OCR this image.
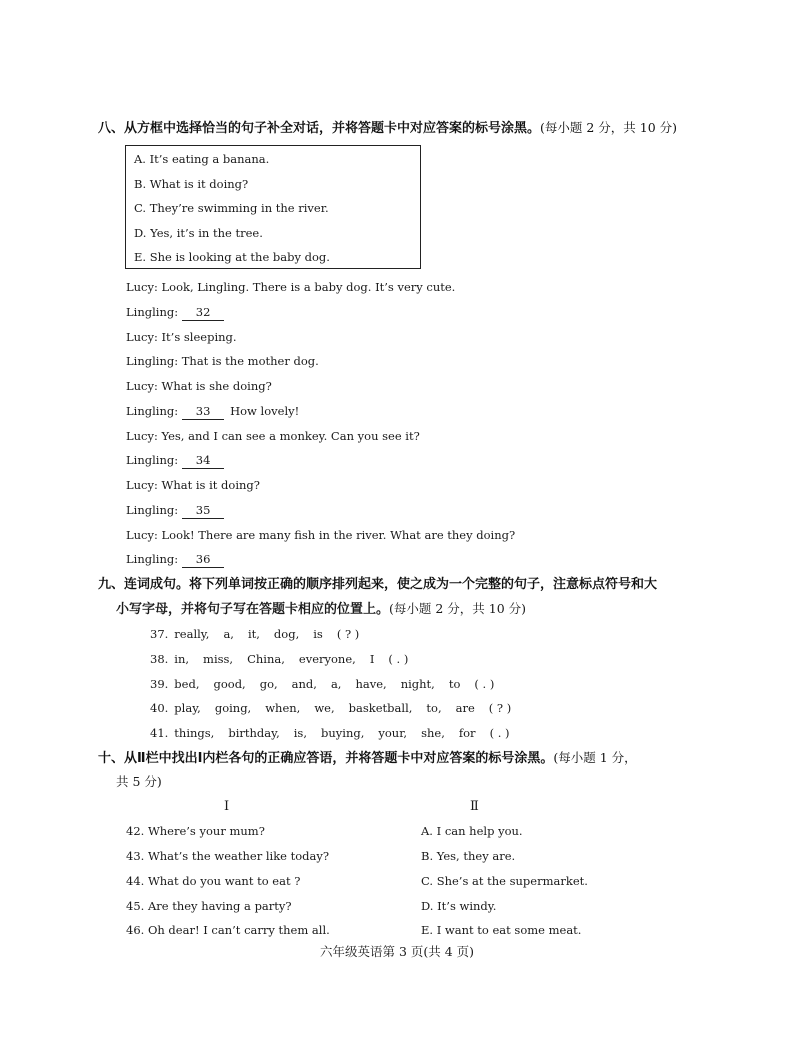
八、从方框中选择恰当的句子补全对话，并将答题卡中对应答案的标号涂黑。(每小题 2 分，共 10 分)
A. It’s eating a banana.
B. What is it doing?
C. They’re swimming in the river.
D. Yes, it’s in the tree.
E. She is looking at the baby dog.
Lucy: Look, Lingling. There is a baby dog. It’s very cute.
Lingling: 32
Lucy: It’s sleeping.
Lingling: That is the mother dog.
Lucy: What is she doing?
Lingling: 33 How lovely!
Lucy: Yes, and I can see a monkey. Can you see it?
Lingling: 34
Lucy: What is it doing?
Lingling: 35
Lucy: Look! There are many fish in the river. What are they doing?
Lingling: 36
九、连词成句。将下列单词按正确的顺序排列起来，使之成为一个完整的句子，注意标点符号和大
小写字母，并将句子写在答题卡相应的位置上。(每小题 2 分，共 10 分)
37. really, a, it, dog, is ( ? )
38. in, miss, China, everyone, I ( . )
39. bed, good, go, and, a, have, night, to ( . )
40. play, going, when, we, basketball, to, are ( ? )
41. things, birthday, is, buying, your, she, for ( . )
十、从Ⅱ栏中找出Ⅰ内栏各句的正确应答语，并将答题卡中对应答案的标号涂黑。(每小题 1 分，
共 5 分)
Ⅰ	Ⅱ
42. Where’s your mum?
43. What’s the weather like today?
44. What do you want to eat ?
45. Are they having a party?
46. Oh dear! I can’t carry them all.
A. I can help you.
B. Yes, they are.
C. She’s at the supermarket.
D. It’s windy.
E. I want to eat some meat.
六年级英语第 3 页(共 4 页)
